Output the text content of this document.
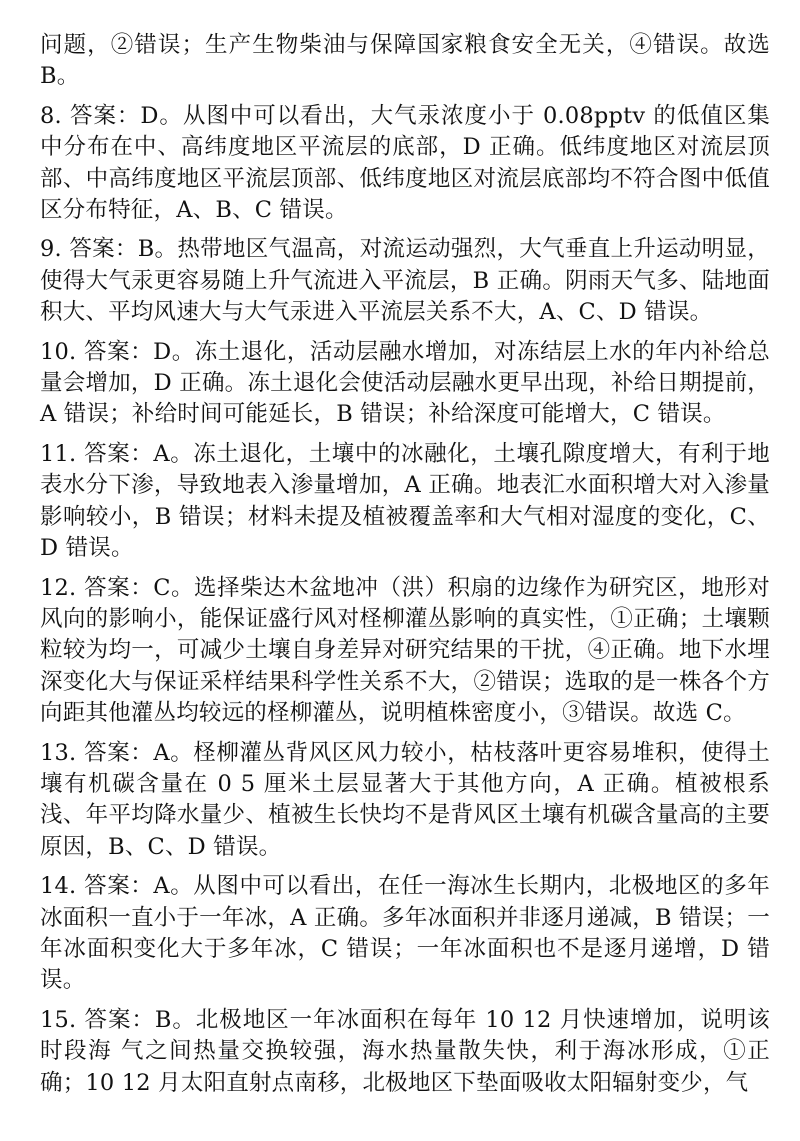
问题，②错误；生产生物柴油与保障国家粮食安全无关，④错误。故选B。

8. 答案：D。从图中可以看出，大气汞浓度小于 0.08pptv 的低值区集中分布在中、高纬度地区平流层的底部，D 正确。低纬度地区对流层顶部、中高纬度地区平流层顶部、低纬度地区对流层底部均不符合图中低值区分布特征，A、B、C 错误。

9. 答案：B。热带地区气温高，对流运动强烈，大气垂直上升运动明显，使得大气汞更容易随上升气流进入平流层，B 正确。阴雨天气多、陆地面积大、平均风速大与大气汞进入平流层关系不大，A、C、D 错误。

10. 答案：D。冻土退化，活动层融水增加，对冻结层上水的年内补给总量会增加，D 正确。冻土退化会使活动层融水更早出现，补给日期提前，A 错误；补给时间可能延长，B 错误；补给深度可能增大，C 错误。

11. 答案：A。冻土退化，土壤中的冰融化，土壤孔隙度增大，有利于地表水分下渗，导致地表入渗量增加，A 正确。地表汇水面积增大对入渗量影响较小，B 错误；材料未提及植被覆盖率和大气相对湿度的变化，C、D 错误。

12. 答案：C。选择柴达木盆地冲（洪）积扇的边缘作为研究区，地形对风向的影响小，能保证盛行风对柽柳灌丛影响的真实性，①正确；土壤颗粒较为均一，可减少土壤自身差异对研究结果的干扰，④正确。地下水埋深变化大与保证采样结果科学性关系不大，②错误；选取的是一株各个方向距其他灌丛均较远的柽柳灌丛，说明植株密度小，③错误。故选 C。

13. 答案：A。柽柳灌丛背风区风力较小，枯枝落叶更容易堆积，使得土壤有机碳含量在 0 5 厘米土层显著大于其他方向，A 正确。植被根系浅、年平均降水量少、植被生长快均不是背风区土壤有机碳含量高的主要原因，B、C、D 错误。

14. 答案：A。从图中可以看出，在任一海冰生长期内，北极地区的多年冰面积一直小于一年冰，A 正确。多年冰面积并非逐月递减，B 错误；一年冰面积变化大于多年冰，C 错误；一年冰面积也不是逐月递增，D 错误。

15. 答案：B。北极地区一年冰面积在每年 10 12 月快速增加，说明该时段海 气之间热量交换较强，海水热量散失快，利于海冰形成，①正确；10 12 月太阳直射点南移，北极地区下垫面吸收太阳辐射变少，气
